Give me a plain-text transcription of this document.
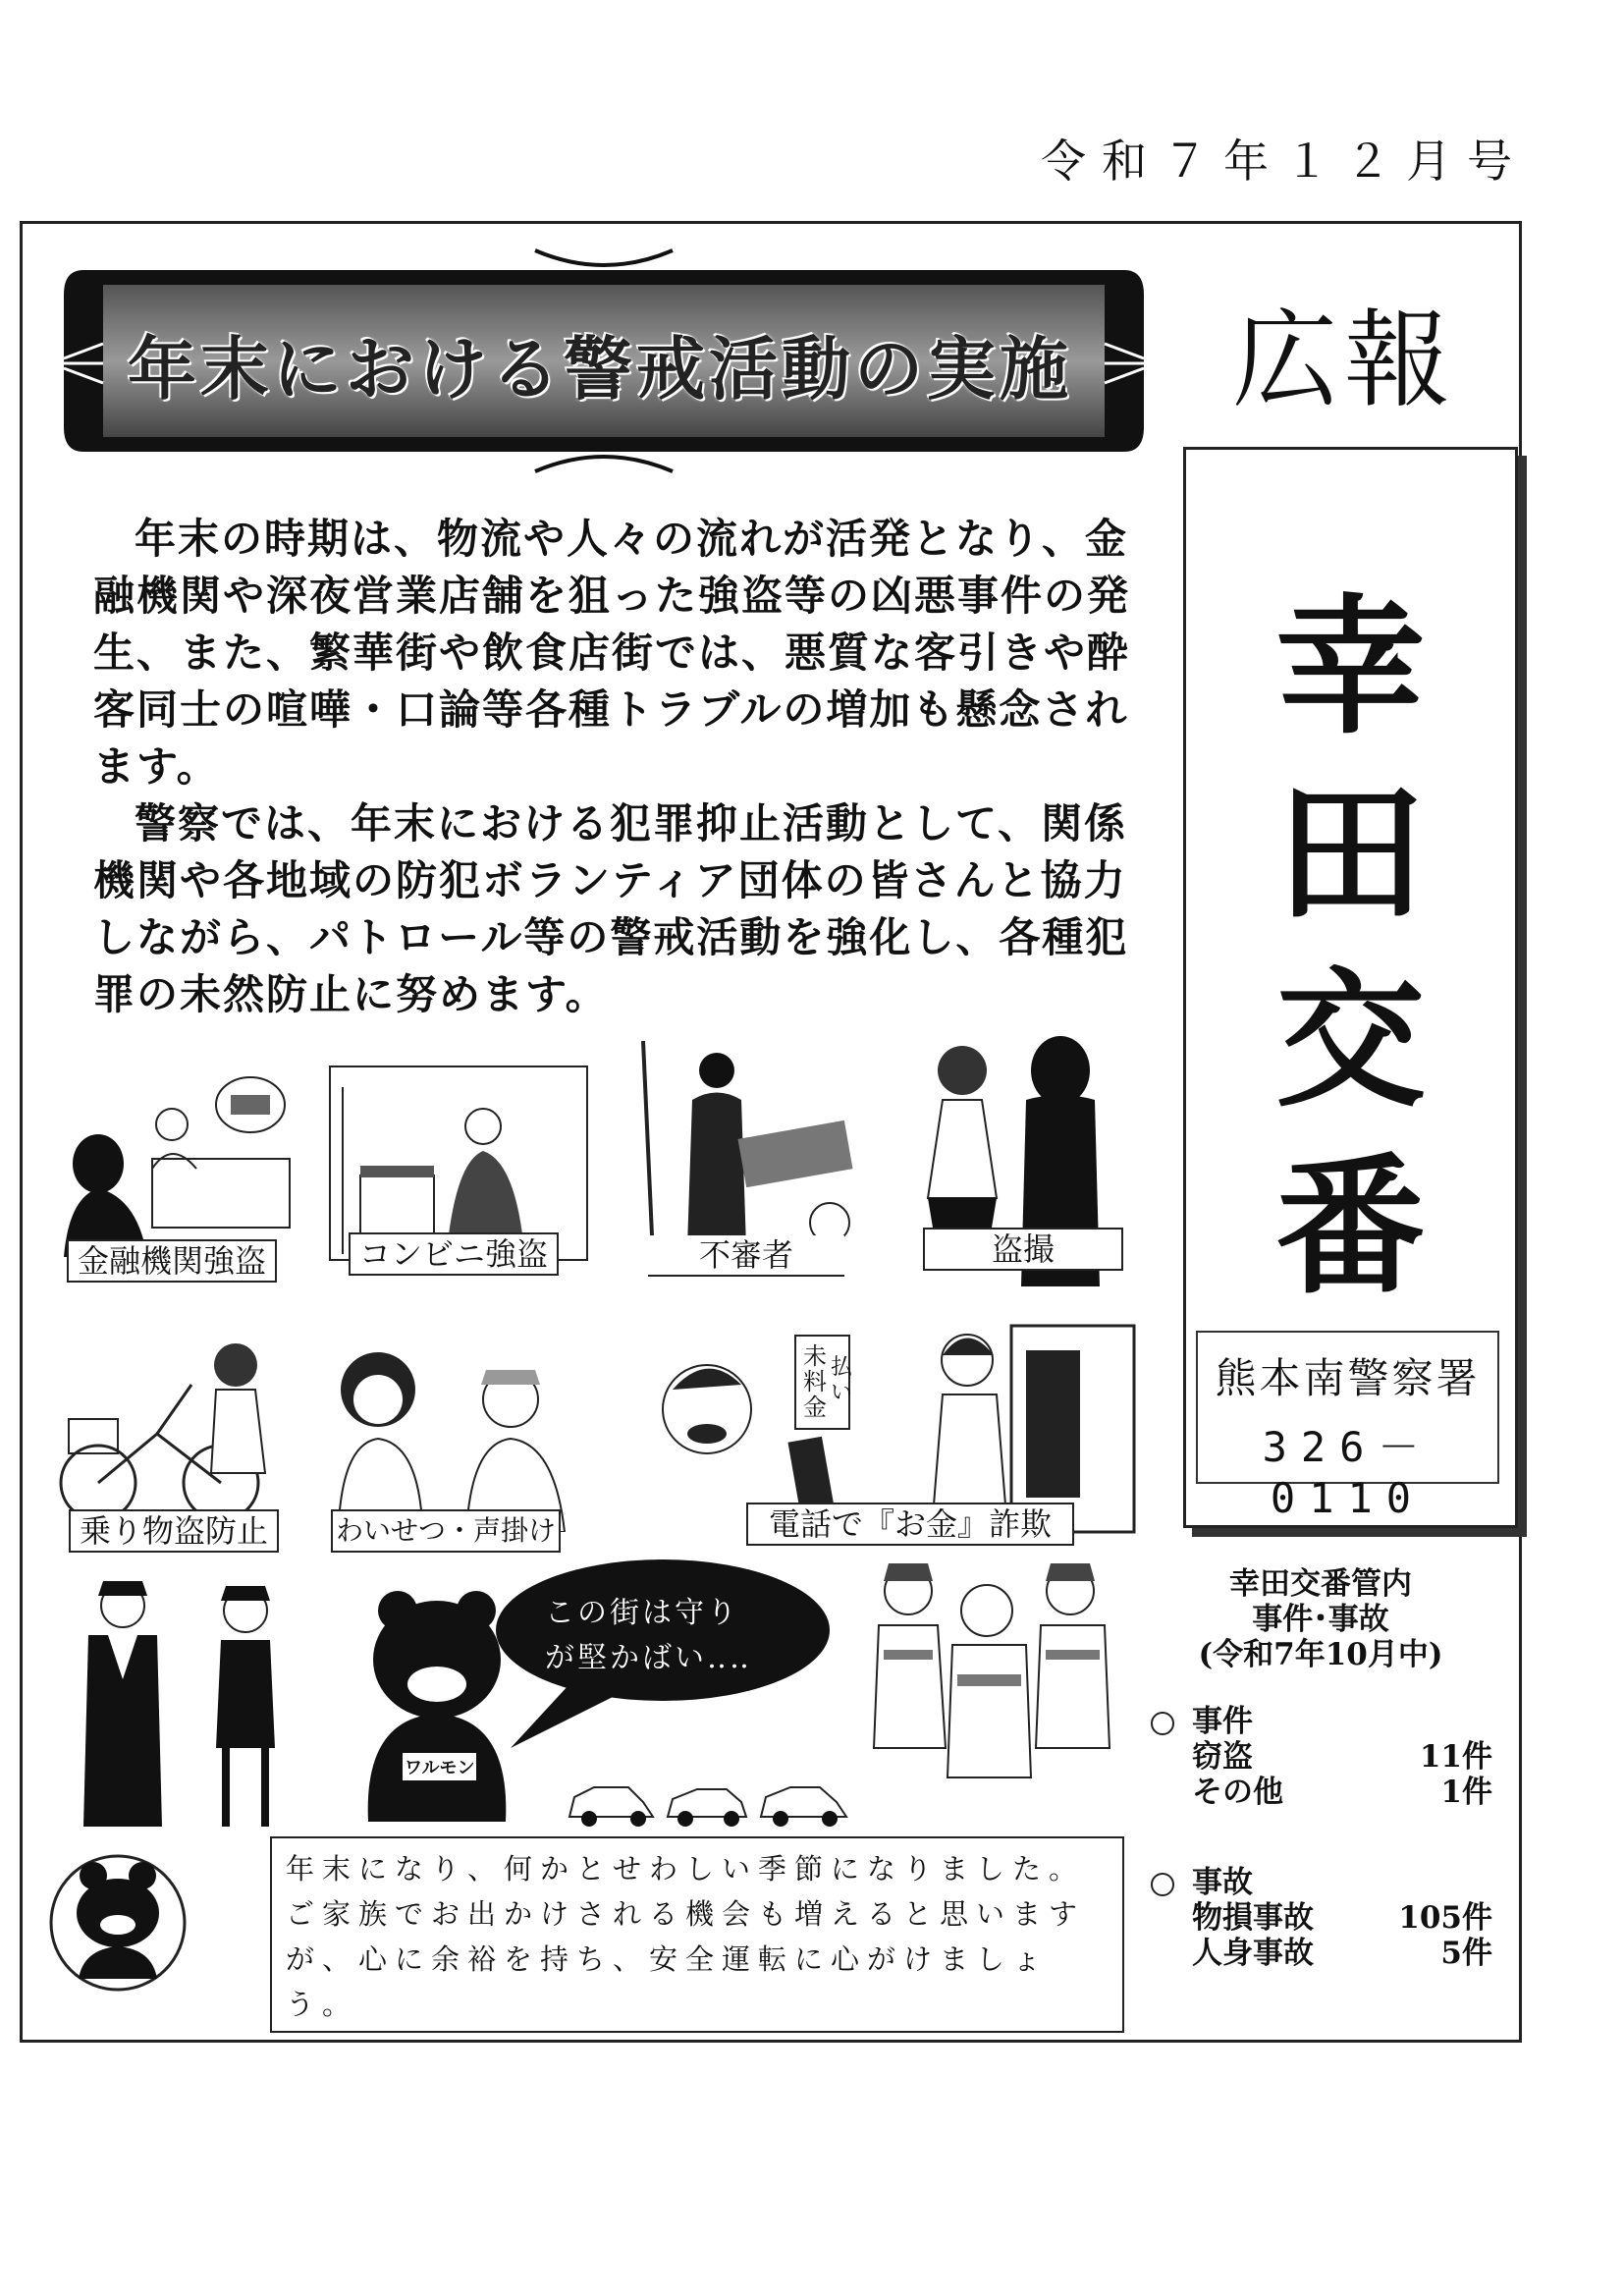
令和７年１２月号
年末における警戒活動の実施 広報
幸
田
交
番
熊本南警察署
326－0110

年末の時期は、物流や人々の流れが活発となり、金融機関や深夜営業店舗を狙った強盗等の凶悪事件の発生、また、繁華街や飲食店街では、悪質な客引きや酔客同士の喧嘩・口論等各種トラブルの増加も懸念されます。

警察では、年末における犯罪抑止活動として、関係機関や各地域の防犯ボランティア団体の皆さんと協力しながら、パトロール等の警戒活動を強化し、各種犯罪の未然防止に努めます。

金融機関強盗	コンビニ強盗	不審者	盗撮
乗り物盗防止	わいせつ・声掛け
未
料
金
払
い
電話で『お金』詐欺
ワルモン
この街は守り
が堅かばい‥‥
幸田交番管内
事件･事故
(令和7年10月中)
事件
窃盗	11件
その他	1件
事故
物損事故	105件
人身事故	5件
年末になり、何かとせわしい季節になりました。ご家族でお出かけされる機会も増えると思いますが、心に余裕を持ち、安全運転に心がけましょう。
